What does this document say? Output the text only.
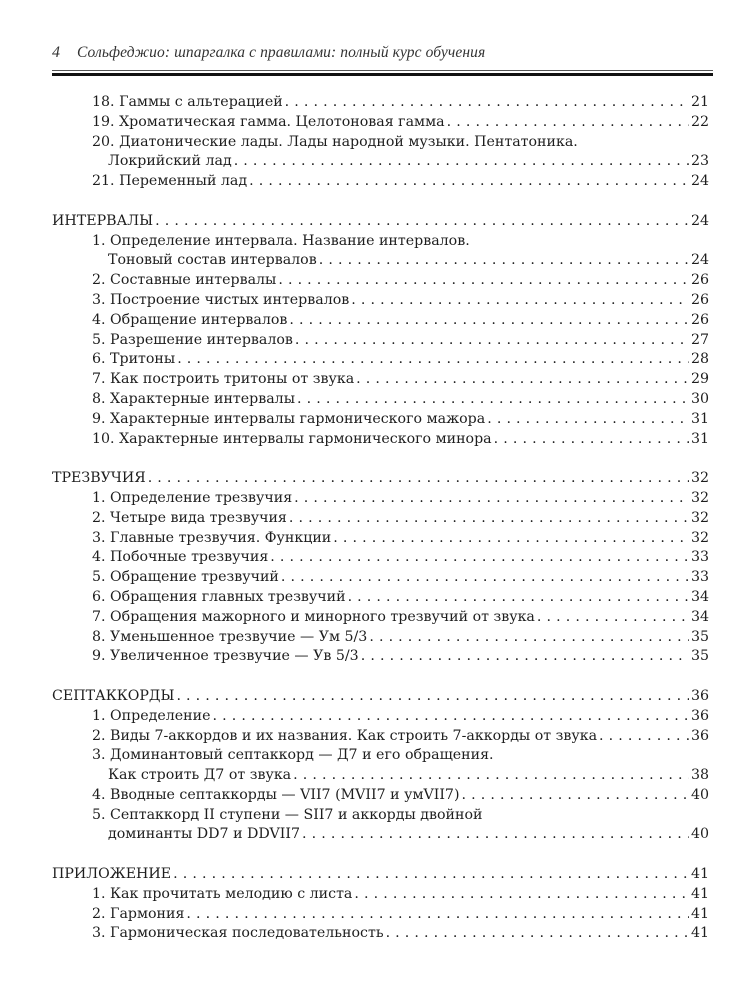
4 Сольфеджио: шпаргалка с правилами: полный курс обучения
18. Гаммы с альтерацией . . .	21
19. Хроматическая гамма. Целотоновая гамма . . .	22
20. Диатонические лады. Лады народной музыки. Пентатоника.
Локрийский лад . . .	23
21. Переменный лад . . .	24
ИНТЕРВАЛЫ . . .	24
1. Определение интервала. Название интервалов.
Тоновый состав интервалов . . .	24
2. Составные интервалы . . .	26
3. Построение чистых интервалов . . .	26
4. Обращение интервалов . . .	26
5. Разрешение интервалов . . .	27
6. Тритоны . . .	28
7. Как построить тритоны от звука . . .	29
8. Характерные интервалы . . .	30
9. Характерные интервалы гармонического мажора . . .	31
10. Характерные интервалы гармонического минора . . .	31
ТРЕЗВУЧИЯ . . .	32
1. Определение трезвучия . . .	32
2. Четыре вида трезвучия . . .	32
3. Главные трезвучия. Функции . . .	32
4. Побочные трезвучия . . .	33
5. Обращение трезвучий . . .	33
6. Обращения главных трезвучий . . .	34
7. Обращения мажорного и минорного трезвучий от звука . . .	34
8. Уменьшенное трезвучие — Ум 5/3 . . .	35
9. Увеличенное трезвучие — Ув 5/3 . . .	35
СЕПТАККОРДЫ . . .	36
1. Определение . . .	36
2. Виды 7-аккордов и их названия. Как строить 7-аккорды от звука . . .	36
3. Доминантовый септаккорд — Д7 и его обращения.
Как строить Д7 от звука . . .	38
4. Вводные септаккорды — VII7 (MVII7 и умVII7) . . .	40
5. Септаккорд II ступени — SII7 и аккорды двойной
доминанты DD7 и DDVII7 . . .	40
ПРИЛОЖЕНИЕ . . .	41
1. Как прочитать мелодию с листа . . .	41
2. Гармония . . .	41
3. Гармоническая последовательность . . .	41
